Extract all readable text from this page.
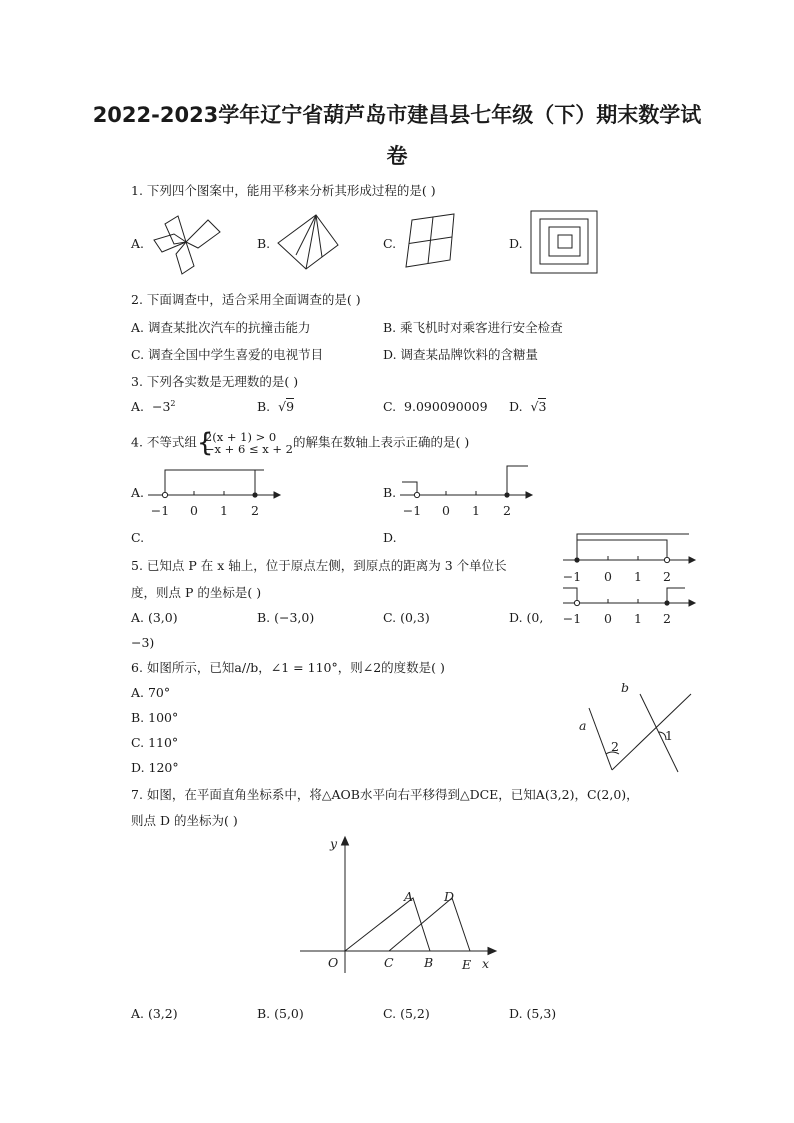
2022-2023学年辽宁省葫芦岛市建昌县七年级（下）期末数学试
卷
1. 下列四个图案中，能用平移来分析其形成过程的是( )
A.	B.	C.	D.
2. 下面调查中，适合采用全面调查的是( )
A. 调查某批次汽车的抗撞击能力	B. 乘飞机时对乘客进行安全检查
C. 调查全国中学生喜爱的电视节目	D. 调查某品牌饮料的含糖量
3. 下列各实数是无理数的是( )
A. $-3^2$	B. √9	C. 9.090090009 D. √3
4. 不等式组 {
2(x + 1) > 0
−x + 6 ≤ x + 2 的解集在数轴上表示正确的是( )
A.	B.
C.	D.
−1 0 1 2	−1 0 1 2
−1 0 1 2
−1 0 1 2
5. 已知点 P 在 x 轴上，位于原点左侧，到原点的距离为 3 个单位长
度，则点 P 的坐标是( )
A. (3,0)	B. (−3,0)	C. (0,3)	D. (0,
−3)
6. 如图所示，已知a//b，∠1 = 110°，则∠2的度数是( )
A. 70°
B. 100°
C. 110°
D. 120°
a
b
1
2
7. 如图，在平面直角坐标系中，将△AOB水平向右平移得到△DCE，已知A(3,2)，C(2,0)，
则点 D 的坐标为( )
y
x
O
A
B
C
D
E
A. (3,2)	B. (5,0)	C. (5,2)	D. (5,3)
